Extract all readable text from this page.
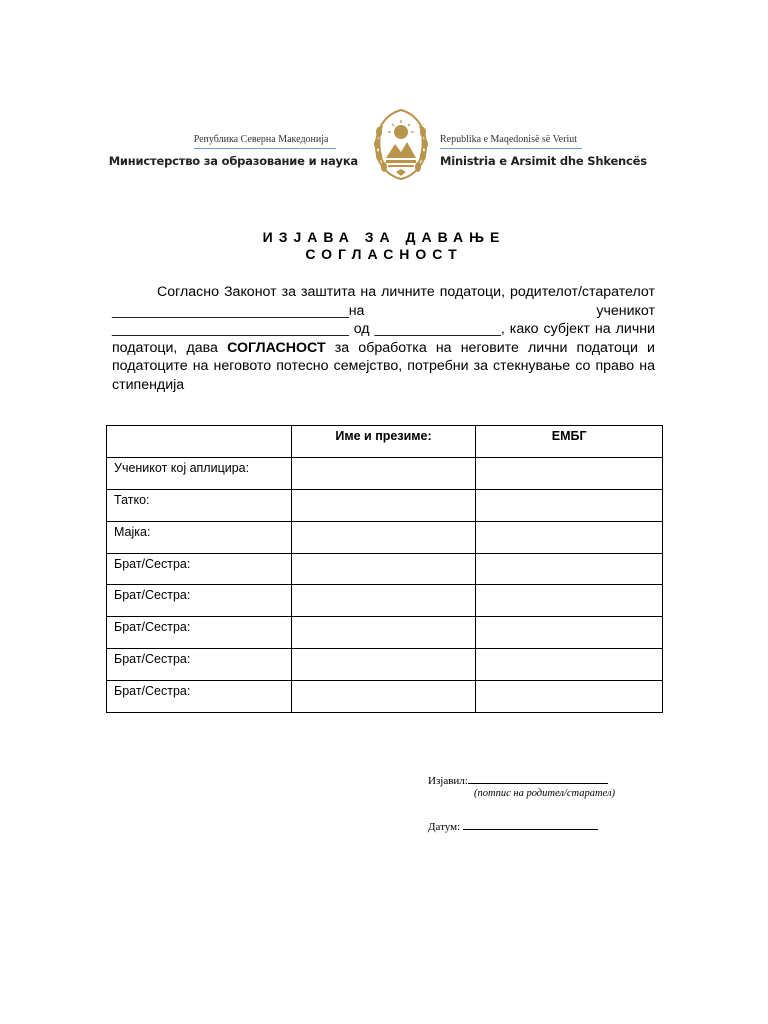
Република Северна Македонија
Министерство за образование и наука
Republika e Maqedonisë së Veriut
Ministria e Arsimit dhe Shkencës
ИЗЈАВА ЗА ДАВАЊЕ
СОГЛАСНОСТ
Согласно Законот за заштита на личните податоци, родителот/старателот ______________________________на ученикот ______________________________ од ________________, како субјект на лични податоци, дава СОГЛАСНОСТ за обработка на неговите лични податоци и податоците на неговото потесно семејство, потребни за стекнување со право на стипендија
	Име и презиме:	ЕМБГ
Ученикот кој аплицира:		
Татко:		
Мајка:		
Брат/Сестра:		
Брат/Сестра:		
Брат/Сестра:		
Брат/Сестра:		
Брат/Сестра:		
Изјавил:
(потпис на родител/старател)
Датум:
